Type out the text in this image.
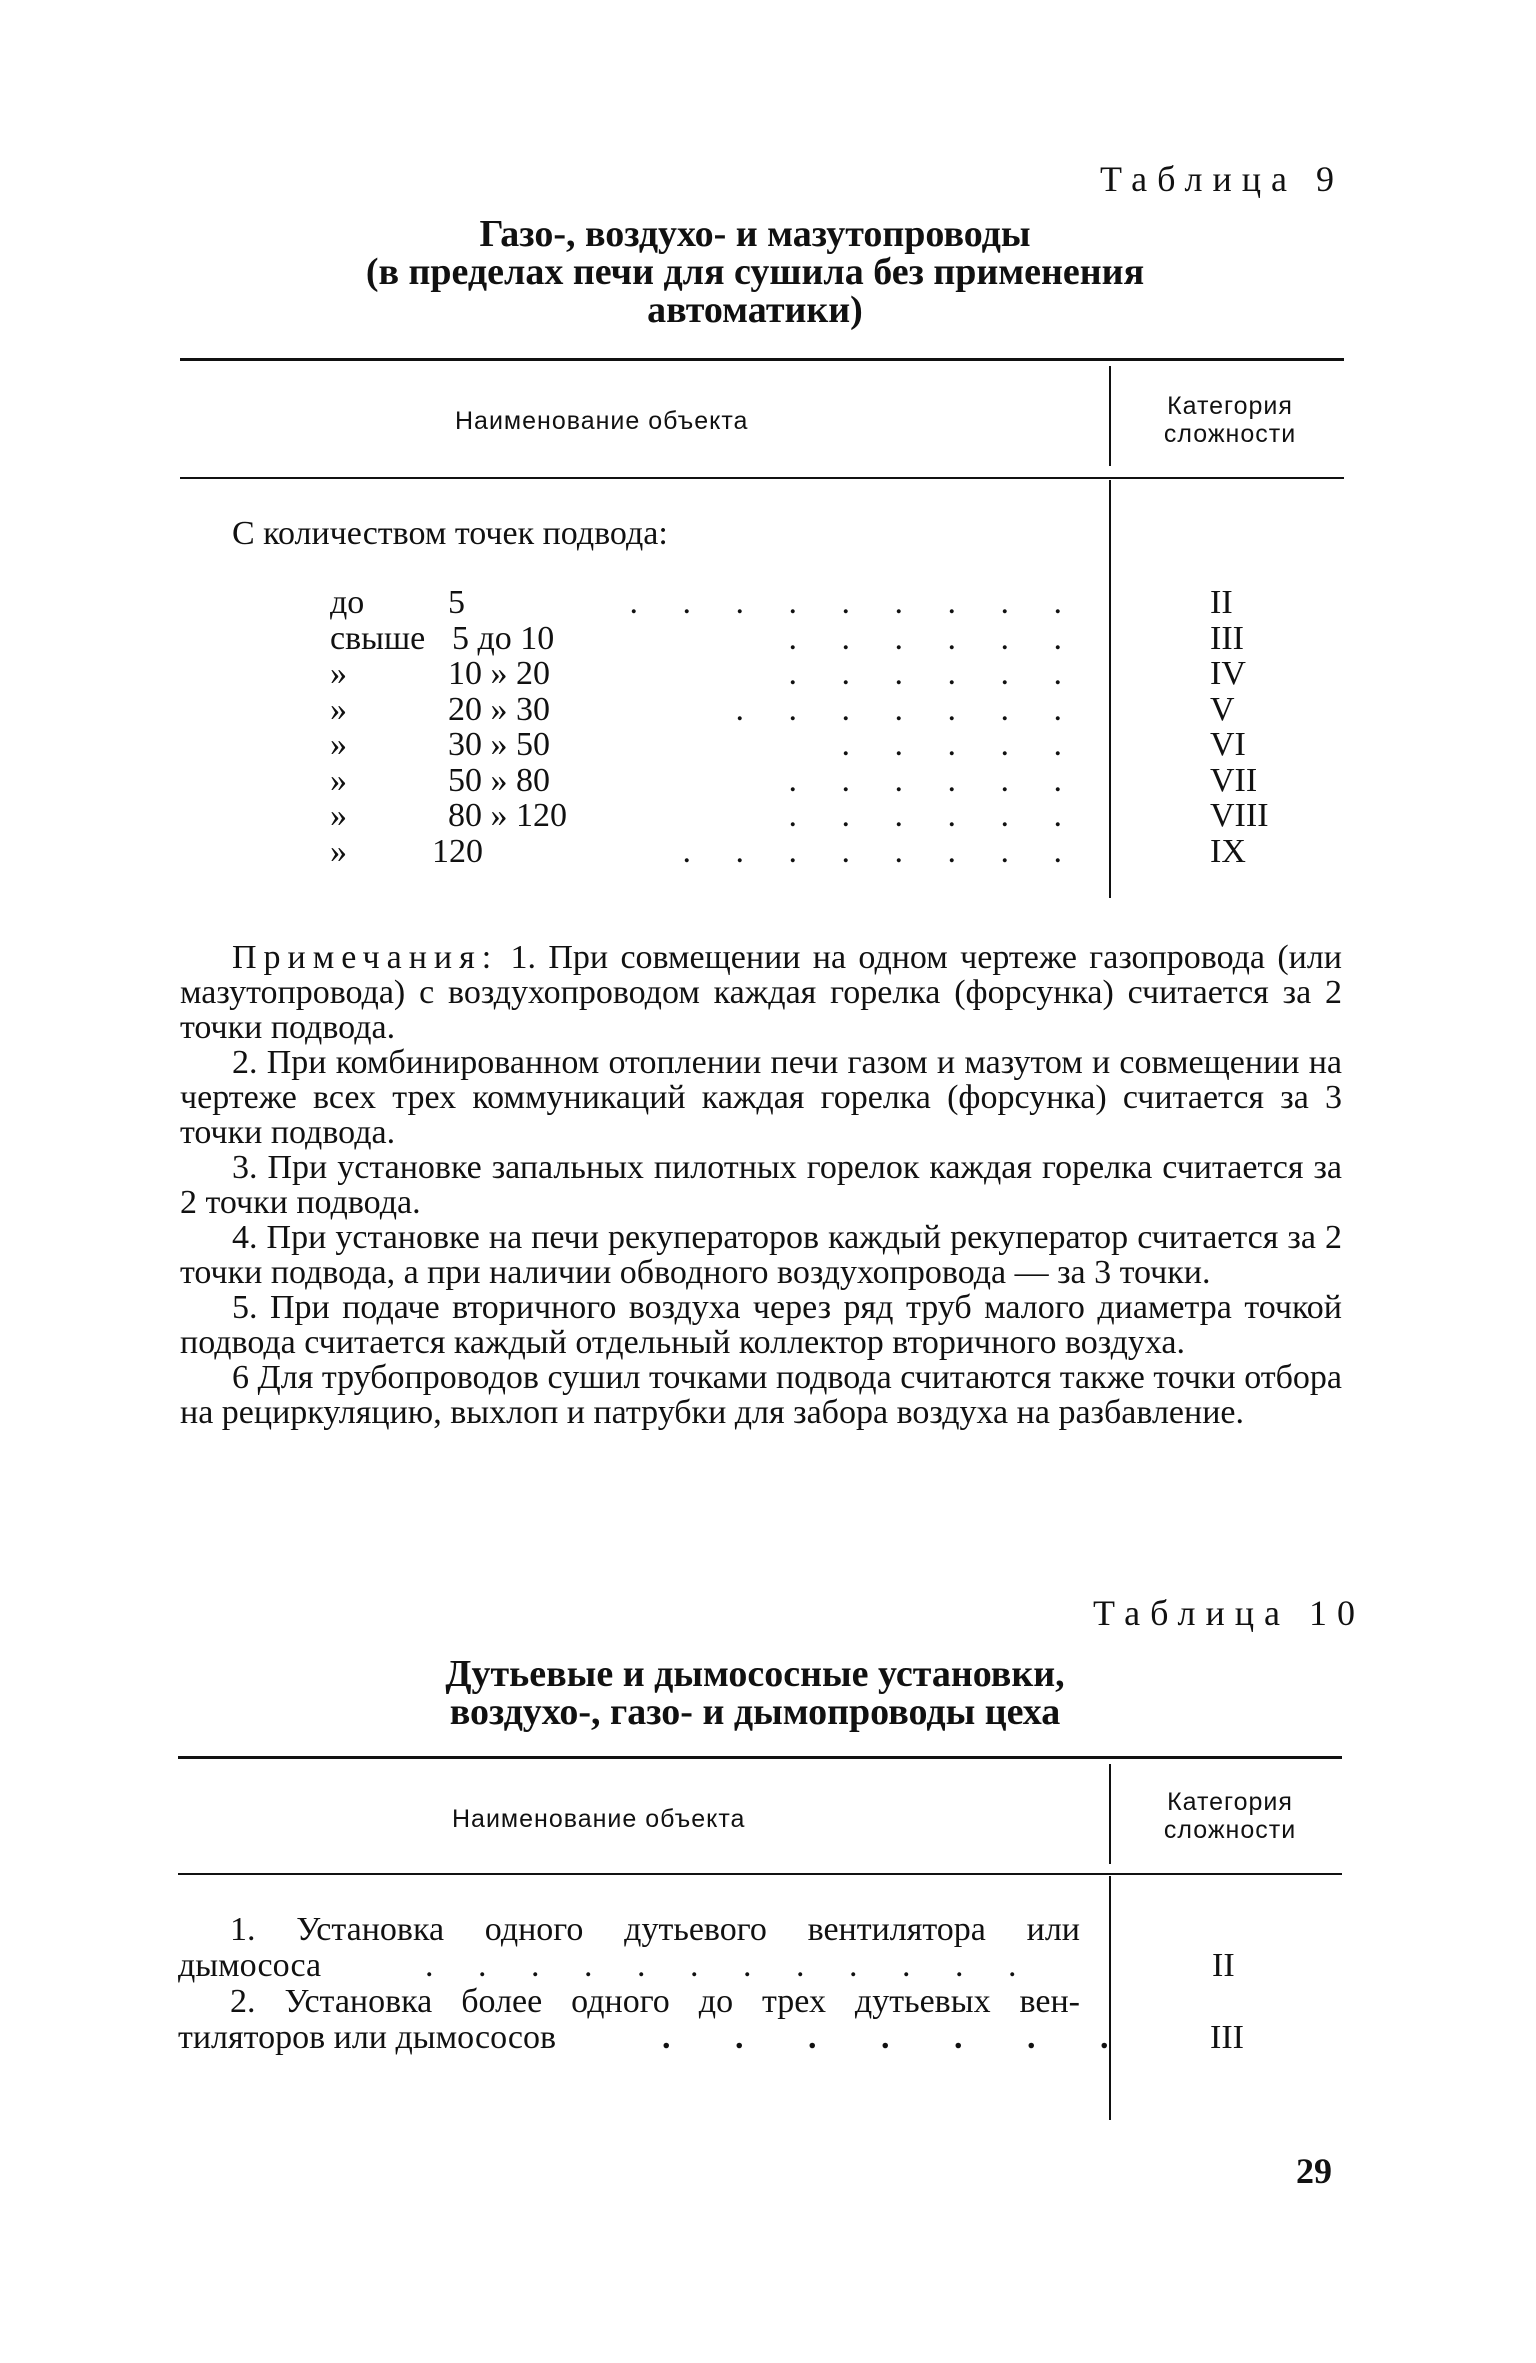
Таблица 9
Газо-, воздухо- и мазутопроводы
(в пределах печи для сушила без применения
автоматики)
Наименование объекта
Категория
сложности
С количеством точек подвода:
до 5	. . . . . . . . .	II
свыше 5 до 10	. . . . . .	III
»	10 » 20	. . . . . .	IV
»	20 » 30	. . . . . . .	V
»	30 » 50	. . . . .	VI
»	50 » 80	. . . . . .	VII
»	80 » 120	. . . . . .	VIII
»	120	. . . . . . . .	IX

Примечания: 1. При совмещении на одном чертеже газопровода (или мазутопровода) с воздухопроводом каждая горелка (форсунка) считается за 2 точки подвода.

2. При комбинированном отоплении печи газом и мазутом и совмещении на чертеже всех трех коммуникаций каждая горелка (форсунка) считается за 3 точки подвода.

3. При установке запальных пилотных горелок каждая горелка считается за 2 точки подвода.

4. При установке на печи рекуператоров каждый рекуператор считается за 2 точки подвода, а при наличии обводного воздухопровода — за 3 точки.

5. При подаче вторичного воздуха через ряд труб малого диаметра точкой подвода считается каждый отдельный коллектор вторичного воздуха.

6 Для трубопроводов сушил точками подвода считаются также точки отбора на рециркуляцию, выхлоп и патрубки для забора воздуха на разбавление.

Таблица 10
Дутьевые и дымососные установки,
воздухо-, газо- и дымопроводы цеха
Наименование объекта
Категория
сложности
1. Установка одного дутьевого вентилятора или
дымососа	. . . . . . . . . . . .	II
2. Установка более одного до трех дутьевых вен-
тиляторов или дымососов	. . . . . . . III
29
